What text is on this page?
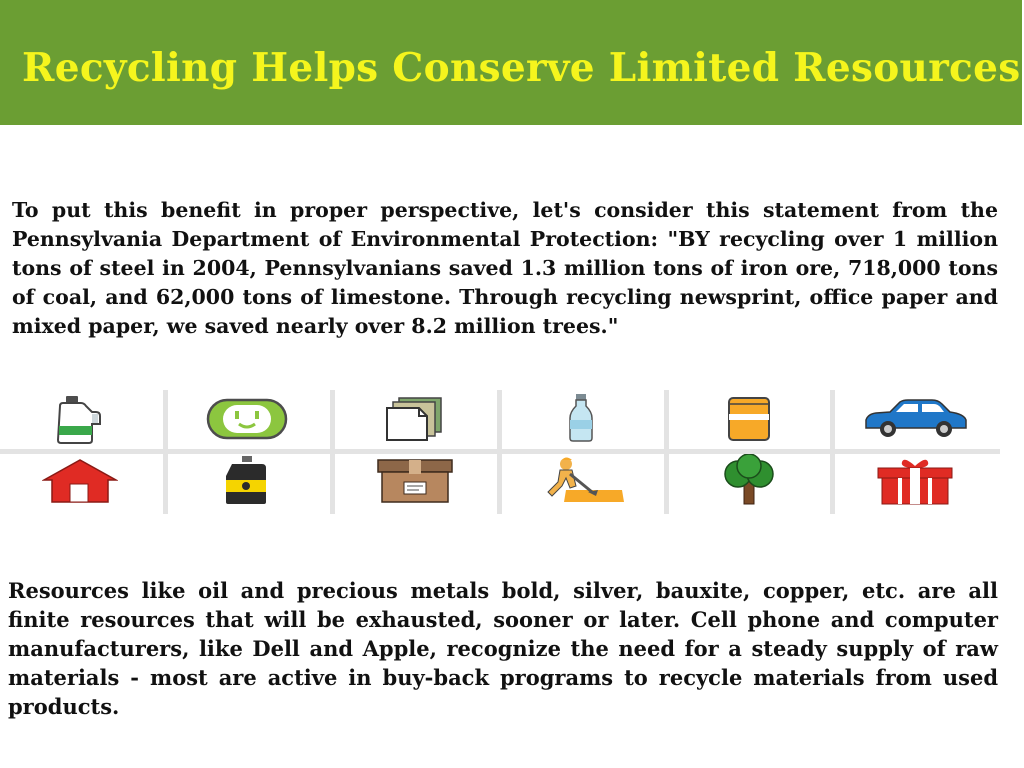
Recycling Helps Conserve Limited Resources

To put this benefit in proper perspective, let's consider this statement from the Pennsylvania Department of Environmental Protection: "BY recycling over 1 million tons of steel in 2004, Pennsylvanians saved 1.3 million tons of iron ore, 718,000 tons of coal, and 62,000 tons of limestone. Through recycling newsprint, office paper and mixed paper, we saved nearly over 8.2 million trees."

Resources like oil and precious metals bold, silver, bauxite, copper, etc. are all finite resources that will be exhausted, sooner or later. Cell phone and computer manufacturers, like Dell and Apple, recognize the need for a steady supply of raw materials - most are active in buy-back programs to recycle materials from used products.
